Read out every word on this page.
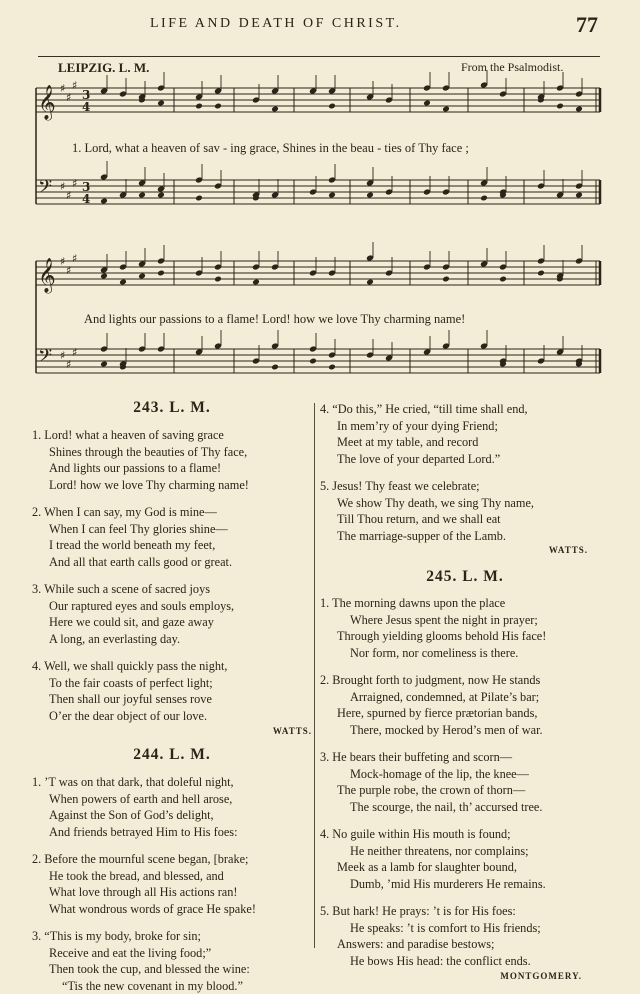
LIFE AND DEATH OF CHRIST.	77
LEIPZIG. L. M.	From the Psalmodist.
𝄞 ♯
♯
♯
3
4
𝄢 ♯
♯
♯ 3
4
1. Lord, what a heaven of sav - ing grace, Shines in the beau - ties of Thy face ;
𝄞 ♯
♯
♯
𝄢 ♯
♯
♯
And lights our passions to a flame! Lord! how we love Thy charming name!
243. L. M.
1. Lord! what a heaven of saving grace
Shines through the beauties of Thy face,
And lights our passions to a flame!
Lord! how we love Thy charming name!
2. When I can say, my God is mine—
When I can feel Thy glories shine—
I tread the world beneath my feet,
And all that earth calls good or great.
3. While such a scene of sacred joys
Our raptured eyes and souls employs,
Here we could sit, and gaze away
A long, an everlasting day.
4. Well, we shall quickly pass the night,
To the fair coasts of perfect light;
Then shall our joyful senses rove
O’er the dear object of our love.
WATTS.
244. L. M.
1. ’T was on that dark, that doleful night,
When powers of earth and hell arose,
Against the Son of God’s delight,
And friends betrayed Him to His foes:
2. Before the mournful scene began, [brake;
He took the bread, and blessed, and
What love through all His actions ran!
What wondrous words of grace He spake!
3. “This is my body, broke for sin;
Receive and eat the living food;”
Then took the cup, and blessed the wine:
“Tis the new covenant in my blood.”
4. “Do this,” He cried, “till time shall end,
In mem’ry of your dying Friend;
Meet at my table, and record
The love of your departed Lord.”
5. Jesus! Thy feast we celebrate;
We show Thy death, we sing Thy name,
Till Thou return, and we shall eat
The marriage-supper of the Lamb.
WATTS.
245. L. M.
1. The morning dawns upon the place
Where Jesus spent the night in prayer;
Through yielding glooms behold His face!
Nor form, nor comeliness is there.
2. Brought forth to judgment, now He stands
Arraigned, condemned, at Pilate’s bar;
Here, spurned by fierce prætorian bands,
There, mocked by Herod’s men of war.
3. He bears their buffeting and scorn—
Mock-homage of the lip, the knee—
The purple robe, the crown of thorn—
The scourge, the nail, th’ accursed tree.
4. No guile within His mouth is found;
He neither threatens, nor complains;
Meek as a lamb for slaughter bound,
Dumb, ’mid His murderers He remains.
5. But hark! He prays: ’t is for His foes:
He speaks: ’t is comfort to His friends;
Answers: and paradise bestows;
He bows His head: the conflict ends.
MONTGOMERY.
